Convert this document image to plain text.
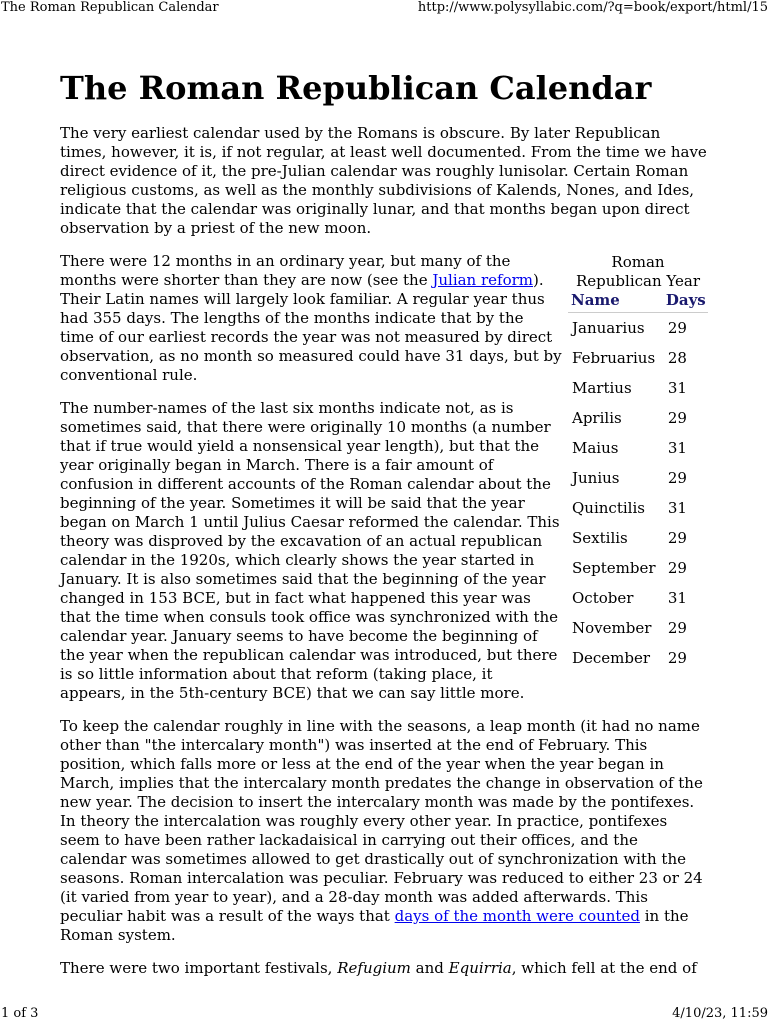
The Roman Republican Calendar	http://www.polysyllabic.com/?q=book/export/html/15
The Roman Republican Calendar

The very earliest calendar used by the Romans is obscure. By later Republican times, however, it is, if not regular, at least well documented. From the time we have direct evidence of it, the pre-Julian calendar was roughly lunisolar. Certain Roman religious customs, as well as the monthly subdivisions of Kalends, Nones, and Ides, indicate that the calendar was originally lunar, and that months began upon direct observation by a priest of the new moon.

Roman Republican Year
Name	Days
Januarius	29
Februarius	28
Martius	31
Aprilis	29
Maius	31
Junius	29
Quinctilis	31
Sextilis	29
September	29
October	31
November	29
December	29

There were 12 months in an ordinary year, but many of the months were shorter than they are now (see the Julian reform). Their Latin names will largely look familiar. A regular year thus had 355 days. The lengths of the months indicate that by the time of our earliest records the year was not measured by direct observation, as no month so measured could have 31 days, but by conventional rule.

The number-names of the last six months indicate not, as is sometimes said, that there were originally 10 months (a number that if true would yield a nonsensical year length), but that the year originally began in March. There is a fair amount of confusion in different accounts of the Roman calendar about the beginning of the year. Sometimes it will be said that the year began on March 1 until Julius Caesar reformed the calendar. This theory was disproved by the excavation of an actual republican calendar in the 1920s, which clearly shows the year started in January. It is also sometimes said that the beginning of the year changed in 153 BCE, but in fact what happened this year was that the time when consuls took office was synchronized with the calendar year. January seems to have become the beginning of the year when the republican calendar was introduced, but there is so little information about that reform (taking place, it appears, in the 5th-century BCE) that we can say little more.

To keep the calendar roughly in line with the seasons, a leap month (it had no name other than "the intercalary month") was inserted at the end of February. This position, which falls more or less at the end of the year when the year began in March, implies that the intercalary month predates the change in observation of the new year. The decision to insert the intercalary month was made by the pontifexes. In theory the intercalation was roughly every other year. In practice, pontifexes seem to have been rather lackadaisical in carrying out their offices, and the calendar was sometimes allowed to get drastically out of synchronization with the seasons. Roman intercalation was peculiar. February was reduced to either 23 or 24 (it varied from year to year), and a 28-day month was added afterwards. This peculiar habit was a result of the ways that days of the month were counted in the Roman system.

There were two important festivals, Refugium and Equirria, which fell at the end of

1 of 3	4/10/23, 11:59
